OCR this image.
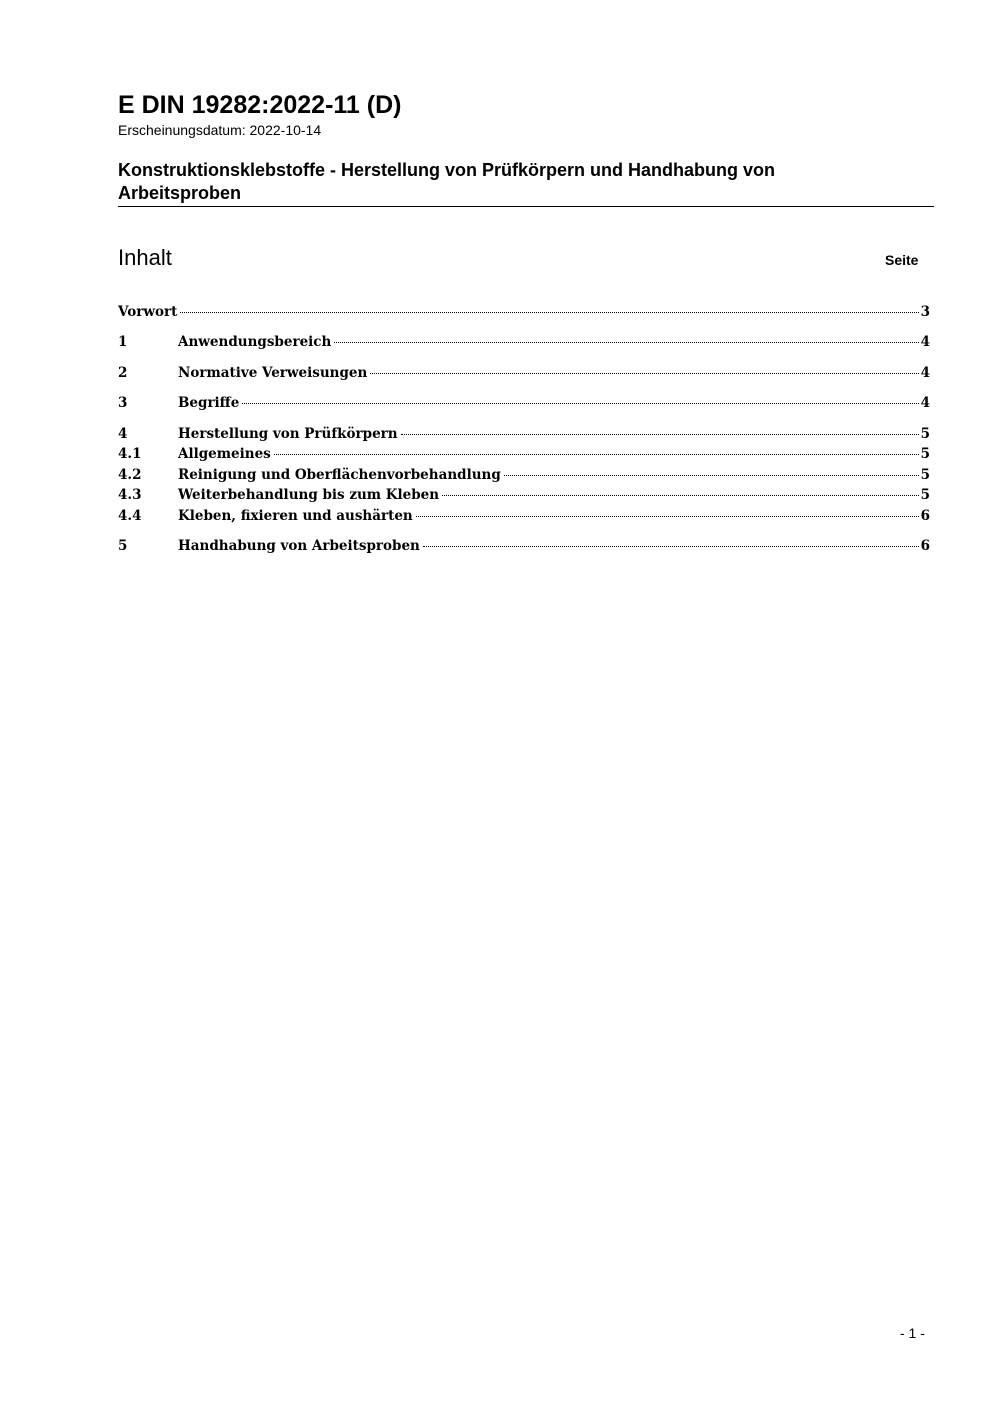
E DIN 19282:2022-11 (D)
Erscheinungsdatum: 2022-10-14
Konstruktionsklebstoffe - Herstellung von Prüfkörpern und Handhabung von Arbeitsproben
Inhalt	Seite
Vorwort	3
1	Anwendungsbereich	4
2	Normative Verweisungen	4
3	Begriffe	4
4	Herstellung von Prüfkörpern	5
4.1	Allgemeines	5
4.2	Reinigung und Oberflächenvorbehandlung	5
4.3	Weiterbehandlung bis zum Kleben	5
4.4	Kleben, fixieren und aushärten	6
5	Handhabung von Arbeitsproben	6
- 1 -
